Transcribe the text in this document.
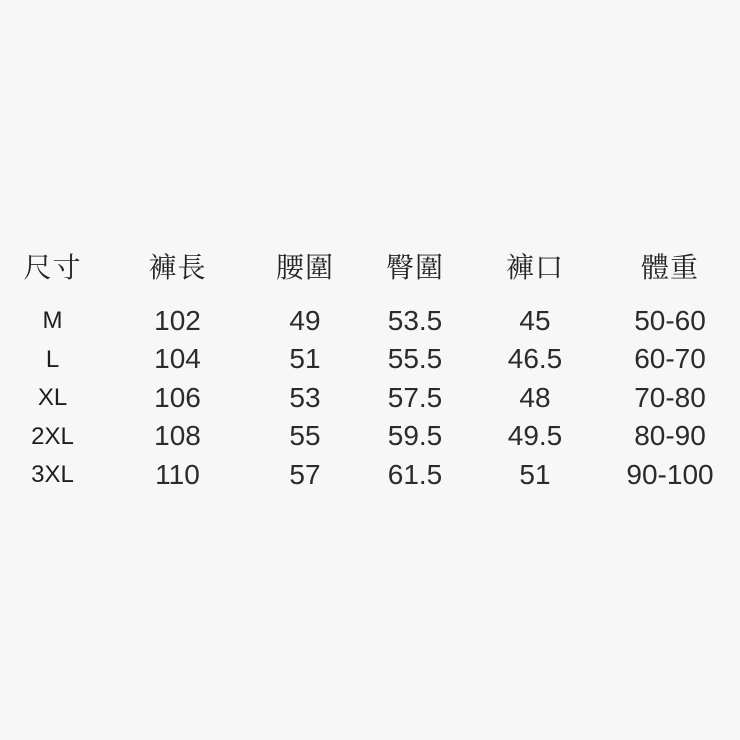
尺寸	褲長	腰圍	臀圍	褲口	體重
M	102	49	53.5	45	50-60
L	104	51	55.5	46.5	60-70
XL	106	53	57.5	48	70-80
2XL	108	55	59.5	49.5	80-90
3XL	110	57	61.5	51	90-100
